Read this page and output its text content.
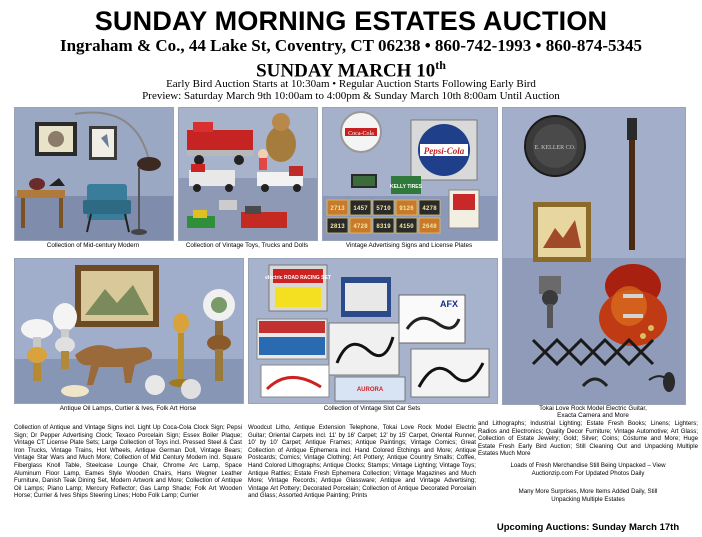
SUNDAY MORNING ESTATES AUCTION
Ingraham & Co., 44 Lake St, Coventry, CT 06238 • 860-742-1993 • 860-874-5345
SUNDAY MARCH 10th
Early Bird Auction Starts at 10:30am • Regular Auction Starts Following Early Bird
Preview: Saturday March 9th 10:00am to 4:00pm & Sunday March 10th 8:00am Until Auction
Collection of Mid-century Modern	Collection of Vintage Toys, Trucks and Dolls
Coca-Cola
Pepsi-Cola
KELLY TIRES
2713 1457 5710 9126 4278
2813 4728 8319 4150 2648
Vintage Advertising Signs and License Plates
Antique Oil Lamps, Curtier & Ives, Folk Art Horse
electric ROAD RACING SET
AFX
AURORA
Collection of Vintage Slot Car Sets
E. KELLER CO.
Tokai Love Rock Model Electric Guitar,
Exacta Camera and More
Collection of Antique and Vintage Signs incl. Light Up Coca-Cola Clock Sign; Pepsi Sign; Dr Pepper Advertising Clock; Texaco Porcelain Sign; Essex Boiler Plaque; Vintage CT License Plate Sets; Large Collection of Toys incl. Pressed Steel & Cast Iron Trucks, Vintage Trains, Hot Wheels, Antique German Doll, Vintage Bears; Vintage Star Wars and Much More; Collection of Mid Century Modern incl. Square Fiberglass Knoll Table, Steelcase Lounge Chair, Chrome Arc Lamp, Space Aluminum Floor Lamp, Eames Style Wooden Chairs, Hans Wegner Leather Furniture, Danish Teak Dining Set, Modern Artwork and More; Collection of Antique Oil Lamps; Piano Lamp; Mercury Reflector; Gas Lamp Shade; Folk Art Wooden Horse; Currier & Ives Ships Steering Lines; Hobo Folk Lamp; Currier
Woodcut Litho, Antique Extension Telephone, Tokai Love Rock Model Electric Guitar; Oriental Carpets incl. 11' by 16' Carpet; 12' by 15' Carpet, Oriental Runner, 10' by 10' Carpet; Antique Frames; Antique Paintings; Vintage Comics; Great Collection of Antique Ephemera incl. Hand Colored Etchings and More; Antique Postcards; Comics; Vintage Clothing; Art Pottery; Antique Country Smalls; Coffee, Hand Colored Lithographs; Antique Clocks; Stamps; Vintage Lighting; Vintage Toys; Antique Rattles; Estate Fresh Ephemera Collection; Vintage Magazines and Much More; Vintage Records; Antique Glassware; Antique and Vintage Advertising; Vintage Art Pottery; Decorated Porcelain; Collection of Antique Decorated Porcelain and Glass; Assorted Antique Painting; Prints
and Lithographs; Industrial Lighting; Estate Fresh Books; Linens; Lighters; Radios and Electronics; Quality Decor Furniture; Vintage Automotive; Art Glass; Collection of Estate Jewelry; Gold; Silver; Coins; Costume and More; Huge Estate Fresh Early Bird Auction; Still Cleaning Out and Unpacking Multiple Estates Much More
Loads of Fresh Merchandise Still Being Unpacked – View Auctionzip.com For Updated Photos Daily
Many More Surprises, More Items Added Daily, Still Unpacking Multiple Estates
Upcoming Auctions: Sunday March 17th
